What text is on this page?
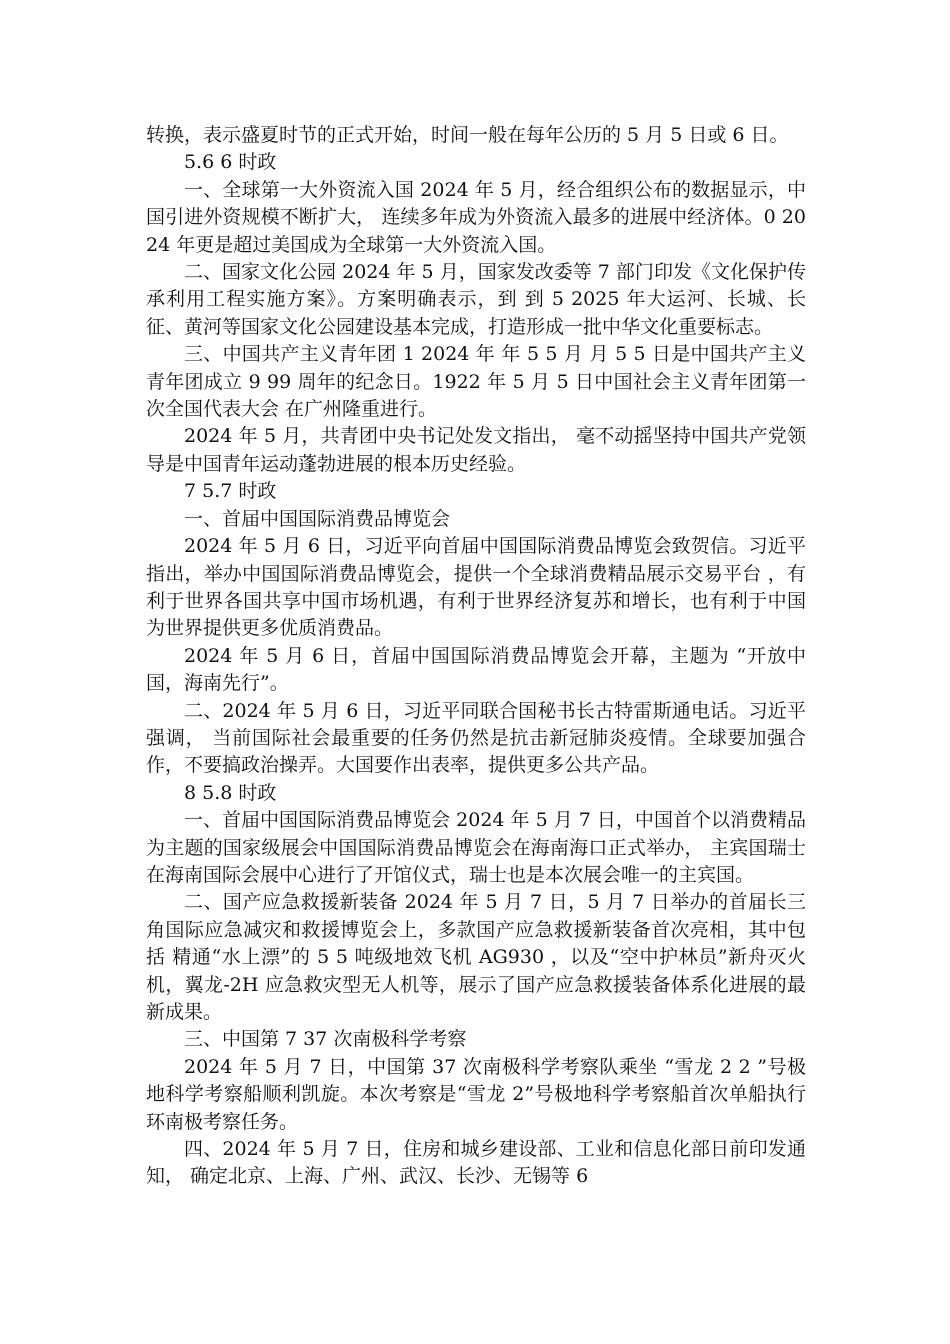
转换，表示盛夏时节的正式开始，时间一般在每年公历的 5 月 5 日或 6 日。

5.6 6 时政

一、全球第一大外资流入国 2024 年 5 月，经合组织公布的数据显示，中国引进外资规模不断扩大， 连续多年成为外资流入最多的进展中经济体。0 2024 年更是超过美国成为全球第一大外资流入国。

二、国家文化公园 2024 年 5 月，国家发改委等 7 部门印发《文化保护传承利用工程实施方案》。方案明确表示，到 到 5 2025 年大运河、长城、长征、黄河等国家文化公园建设基本完成，打造形成一批中华文化重要标志。

三、中国共产主义青年团 1 2024 年 年 5 5 月 月 5 5 日是中国共产主义青年团成立 9 99 周年的纪念日。1922 年 5 月 5 日中国社会主义青年团第一次全国代表大会 在广州隆重进行。

2024 年 5 月，共青团中央书记处发文指出， 毫不动摇坚持中国共产党领导是中国青年运动蓬勃进展的根本历史经验。

7 5.7 时政

一、首届中国国际消费品博览会

2024 年 5 月 6 日，习近平向首届中国国际消费品博览会致贺信。习近平指出，举办中国国际消费品博览会，提供一个全球消费精品展示交易平台 ，有利于世界各国共享中国市场机遇，有利于世界经济复苏和增长，也有利于中国为世界提供更多优质消费品。

2024 年 5 月 6 日，首届中国国际消费品博览会开幕，主题为 “开放中国，海南先行”。

二、2024 年 5 月 6 日，习近平同联合国秘书长古特雷斯通电话。习近平强调， 当前国际社会最重要的任务仍然是抗击新冠肺炎疫情。全球要加强合作，不要搞政治操弄。大国要作出表率，提供更多公共产品。

8 5.8 时政

一、首届中国国际消费品博览会 2024 年 5 月 7 日，中国首个以消费精品为主题的国家级展会中国国际消费品博览会在海南海口正式举办， 主宾国瑞士在海南国际会展中心进行了开馆仪式，瑞士也是本次展会唯一的主宾国。

二、国产应急救援新装备 2024 年 5 月 7 日，5 月 7 日举办的首届长三角国际应急减灾和救援博览会上，多款国产应急救援新装备首次亮相，其中包括 精通“水上漂”的 5 5 吨级地效飞机 AG930 ，以及“空中护林员”新舟灭火机，翼龙-2H 应急救灾型无人机等，展示了国产应急救援装备体系化进展的最新成果。

三、中国第 7 37 次南极科学考察

2024 年 5 月 7 日，中国第 37 次南极科学考察队乘坐 “雪龙 2 2 ”号极地科学考察船顺利凯旋。本次考察是“雪龙 2”号极地科学考察船首次单船执行环南极考察任务。

四、2024 年 5 月 7 日，住房和城乡建设部、工业和信息化部日前印发通知， 确定北京、上海、广州、武汉、长沙、无锡等 6
